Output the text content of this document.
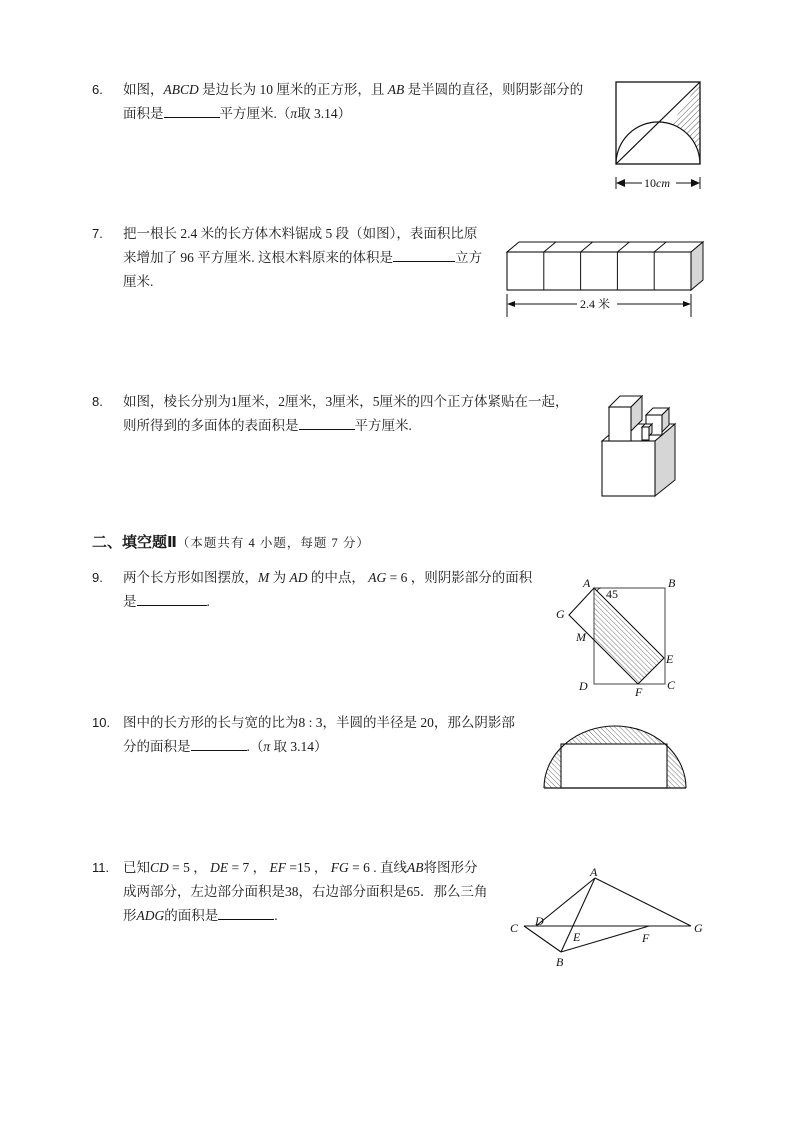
6. 如图，ABCD 是边长为 10 厘米的正方形，且 AB 是半圆的直径，则阴影部分的
面积是	平方厘米.（π取 3.14）
10cm
7. 把一根长 2.4 米的长方体木料锯成 5 段（如图），表面积比原
来增加了 96 平方厘米. 这根木料原来的体积是	立方
厘米.
2.4 米
8. 如图，棱长分别为1厘米，2厘米，3厘米，5厘米的四个正方体紧贴在一起，
则所得到的多面体的表面积是	平方厘米.
二、填空题Ⅱ（本题共有 4 小题，每题 7 分）
9. 两个长方形如图摆放，M 为 AD 的中点， AG = 6 ，则阴影部分的面积
是	.
A	B
G
M
E
D	F C
45
10. 图中的长方形的长与宽的比为8 : 3，半圆的半径是 20，那么阴影部
分的面积是	.（π 取 3.14）
11. 已知CD = 5 ， DE = 7 ， EF =15 ， FG = 6 . 直线AB将图形分
成两部分，左边部分面积是38，右边部分面积是65．那么三角
形ADG的面积是	.
A
C D
E	F
G
B
